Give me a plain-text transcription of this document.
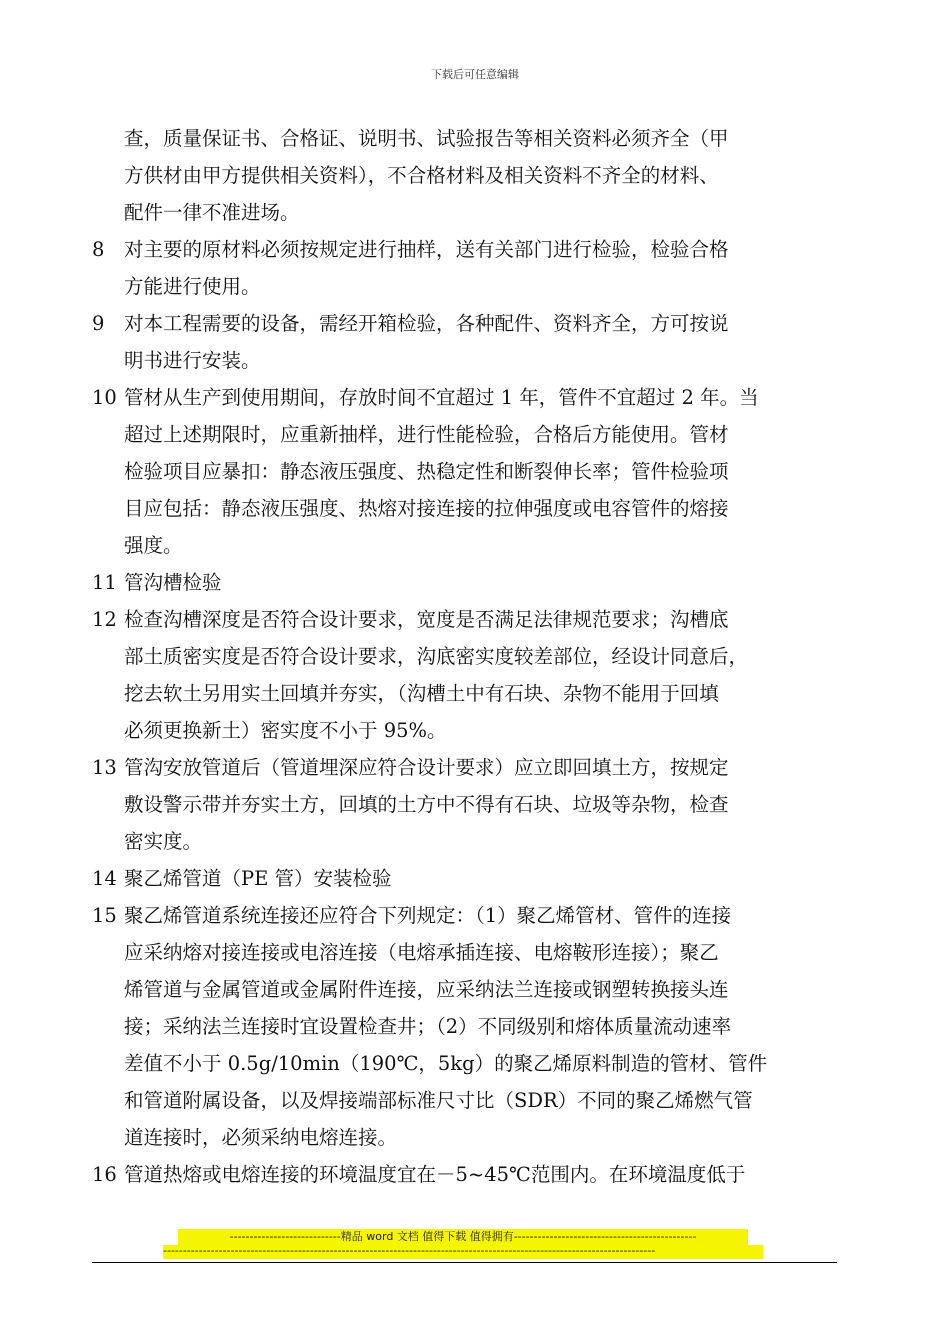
下载后可任意编辑
查，质量保证书、合格证、说明书、试验报告等相关资料必须齐全（甲
方供材由甲方提供相关资料），不合格材料及相关资料不齐全的材料、
配件一律不准进场。
8 对主要的原材料必须按规定进行抽样，送有关部门进行检验，检验合格
方能进行使用。
9 对本工程需要的设备，需经开箱检验，各种配件、资料齐全，方可按说
明书进行安装。
10 管材从生产到使用期间，存放时间不宜超过 1 年，管件不宜超过 2 年。当
超过上述期限时，应重新抽样，进行性能检验，合格后方能使用。管材
检验项目应暴扣：静态液压强度、热稳定性和断裂伸长率；管件检验项
目应包括：静态液压强度、热熔对接连接的拉伸强度或电容管件的熔接
强度。
11 管沟槽检验
12 检查沟槽深度是否符合设计要求，宽度是否满足法律规范要求；沟槽底
部土质密实度是否符合设计要求，沟底密实度较差部位，经设计同意后，
挖去软土另用实土回填并夯实，（沟槽土中有石块、杂物不能用于回填
必须更换新土）密实度不小于 95%。
13 管沟安放管道后（管道埋深应符合设计要求）应立即回填土方，按规定
敷设警示带并夯实土方，回填的土方中不得有石块、垃圾等杂物，检查
密实度。
14 聚乙烯管道（PE 管）安装检验
15 聚乙烯管道系统连接还应符合下列规定：（1）聚乙烯管材、管件的连接
应采纳熔对接连接或电溶连接（电熔承插连接、电熔鞍形连接）；聚乙
烯管道与金属管道或金属附件连接，应采纳法兰连接或钢塑转换接头连
接；采纳法兰连接时宜设置检查井；（2）不同级别和熔体质量流动速率
差值不小于 0.5g/10min（190℃，5kg）的聚乙烯原料制造的管材、管件
和管道附属设备，以及焊接端部标准尺寸比（SDR）不同的聚乙烯燃气管
道连接时，必须采纳电熔连接。
16 管道热熔或电熔连接的环境温度宜在－5~45℃范围内。在环境温度低于
----------------------------精品 word 文档 值得下载 值得拥有----------------------------------------------
----------------------------------------------------------------------------------------------------------------------------
